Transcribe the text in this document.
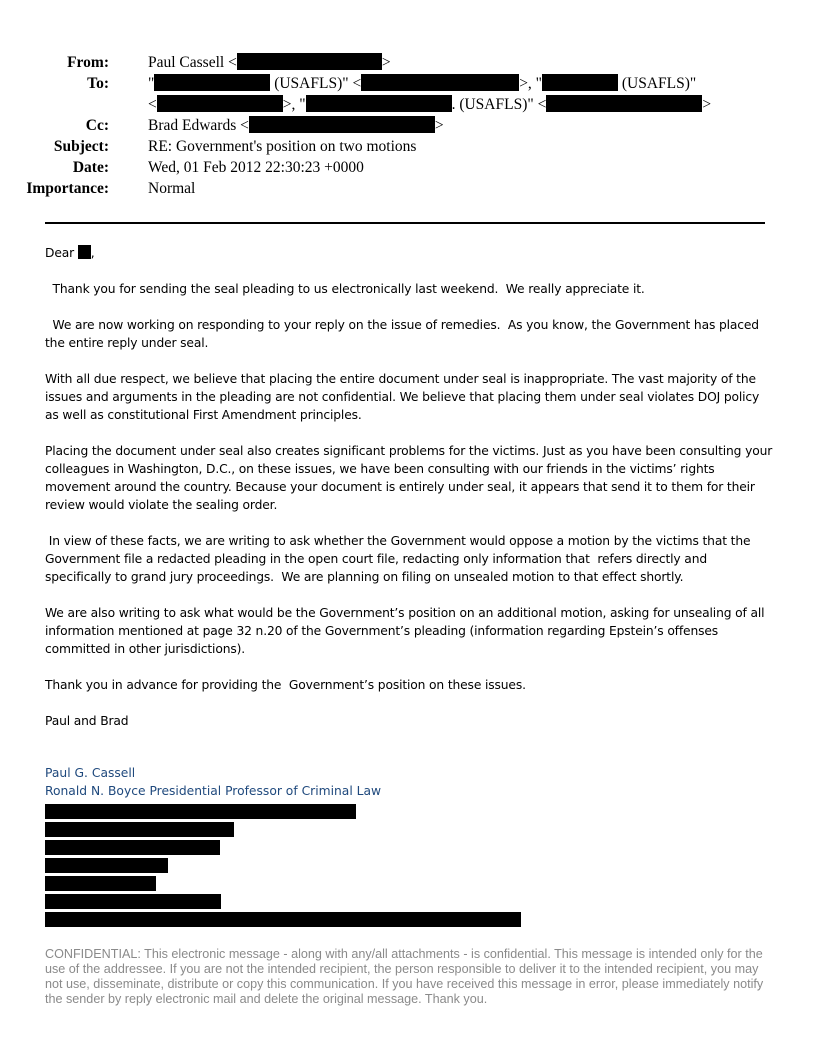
From:	Paul Cassell <	>
To:	"	(USAFLS)" <	>, "	(USAFLS)"
<	>, "	. (USAFLS)" <	>
Cc:	Brad Edwards <	>
Subject:	RE: Government's position on two motions
Date:	Wed, 01 Feb 2012 22:30:23 +0000
Importance:	Normal

Dear ,

Thank you for sending the seal pleading to us electronically last weekend.  We really appreciate it.

We are now working on responding to your reply on the issue of remedies.  As you know, the Government has placed the entire reply under seal.

With all due respect, we believe that placing the entire document under seal is inappropriate. The vast majority of the issues and arguments in the pleading are not confidential. We believe that placing them under seal violates DOJ policy as well as constitutional First Amendment principles.

Placing the document under seal also creates significant problems for the victims. Just as you have been consulting your colleagues in Washington, D.C., on these issues, we have been consulting with our friends in the victims’ rights movement around the country. Because your document is entirely under seal, it appears that send it to them for their review would violate the sealing order.

In view of these facts, we are writing to ask whether the Government would oppose a motion by the victims that the Government file a redacted pleading in the open court file, redacting only information that  refers directly and specifically to grand jury proceedings.  We are planning on filing on unsealed motion to that effect shortly.

We are also writing to ask what would be the Government’s position on an additional motion, asking for unsealing of all information mentioned at page 32 n.20 of the Government’s pleading (information regarding Epstein’s offenses committed in other jurisdictions).

Thank you in advance for providing the  Government’s position on these issues.

Paul and Brad

Paul G. Cassell
Ronald N. Boyce Presidential Professor of Criminal Law
CONFIDENTIAL: This electronic message - along with any/all attachments - is confidential. This message is intended only for the use of the addressee. If you are not the intended recipient, the person responsible to deliver it to the intended recipient, you may not use, disseminate, distribute or copy this communication. If you have received this message in error, please immediately notify the sender by reply electronic mail and delete the original message. Thank you.
